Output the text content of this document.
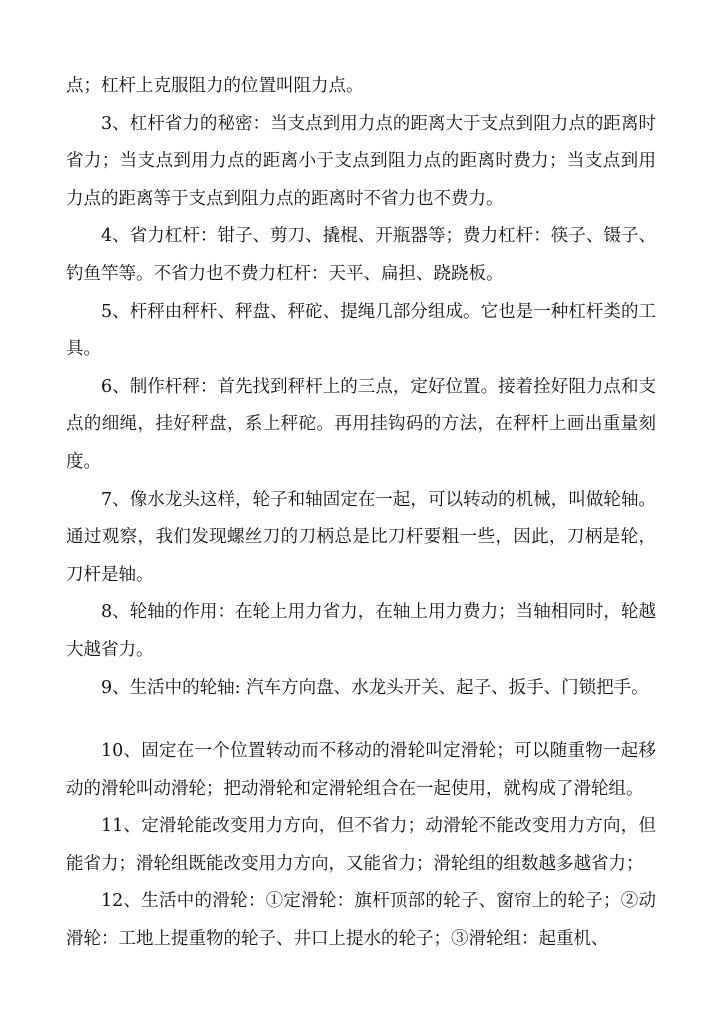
点；杠杆上克服阻力的位置叫阻力点。

3、杠杆省力的秘密：当支点到用力点的距离大于支点到阻力点的距离时省力；当支点到用力点的距离小于支点到阻力点的距离时费力；当支点到用力点的距离等于支点到阻力点的距离时不省力也不费力。

4、省力杠杆：钳子、剪刀、撬棍、开瓶器等；费力杠杆：筷子、镊子、钓鱼竿等。不省力也不费力杠杆：天平、扁担、跷跷板。

5、杆秤由秤杆、秤盘、秤砣、提绳几部分组成。它也是一种杠杆类的工具。

6、制作杆秤：首先找到秤杆上的三点，定好位置。接着拴好阻力点和支点的细绳，挂好秤盘，系上秤砣。再用挂钩码的方法，在秤杆上画出重量刻度。

7、像水龙头这样，轮子和轴固定在一起，可以转动的机械，叫做轮轴。通过观察，我们发现螺丝刀的刀柄总是比刀杆要粗一些，因此，刀柄是轮，刀杆是轴。

8、轮轴的作用：在轮上用力省力，在轴上用力费力；当轴相同时，轮越大越省力。

9、生活中的轮轴: 汽车方向盘、水龙头开关、起子、扳手、门锁把手。

10、固定在一个位置转动而不移动的滑轮叫定滑轮；可以随重物一起移动的滑轮叫动滑轮；把动滑轮和定滑轮组合在一起使用，就构成了滑轮组。

11、定滑轮能改变用力方向，但不省力；动滑轮不能改变用力方向，但能省力；滑轮组既能改变用力方向，又能省力；滑轮组的组数越多越省力；

12、生活中的滑轮：①定滑轮：旗杆顶部的轮子、窗帘上的轮子；②动滑轮：工地上提重物的轮子、井口上提水的轮子；③滑轮组：起重机、
